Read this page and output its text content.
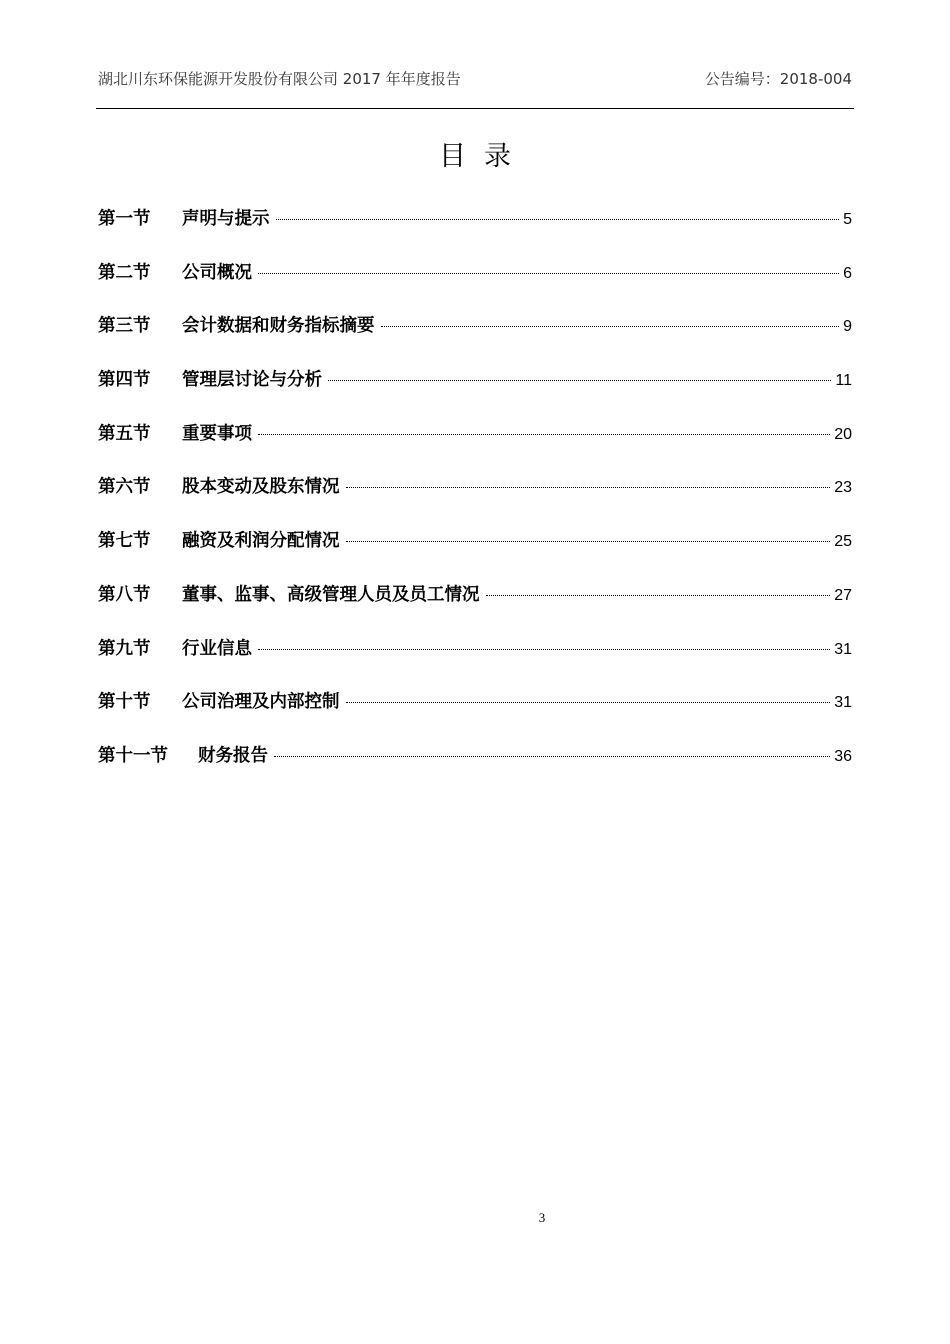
湖北川东环保能源开发股份有限公司 2017 年年度报告	公告编号：2018-004
目录
第一节	声明与提示	5
第二节	公司概况	6
第三节	会计数据和财务指标摘要	9
第四节	管理层讨论与分析	11
第五节	重要事项	20
第六节	股本变动及股东情况	23
第七节	融资及利润分配情况	25
第八节	董事、监事、高级管理人员及员工情况	27
第九节	行业信息	31
第十节	公司治理及内部控制	31
第十一节	财务报告	36
3
